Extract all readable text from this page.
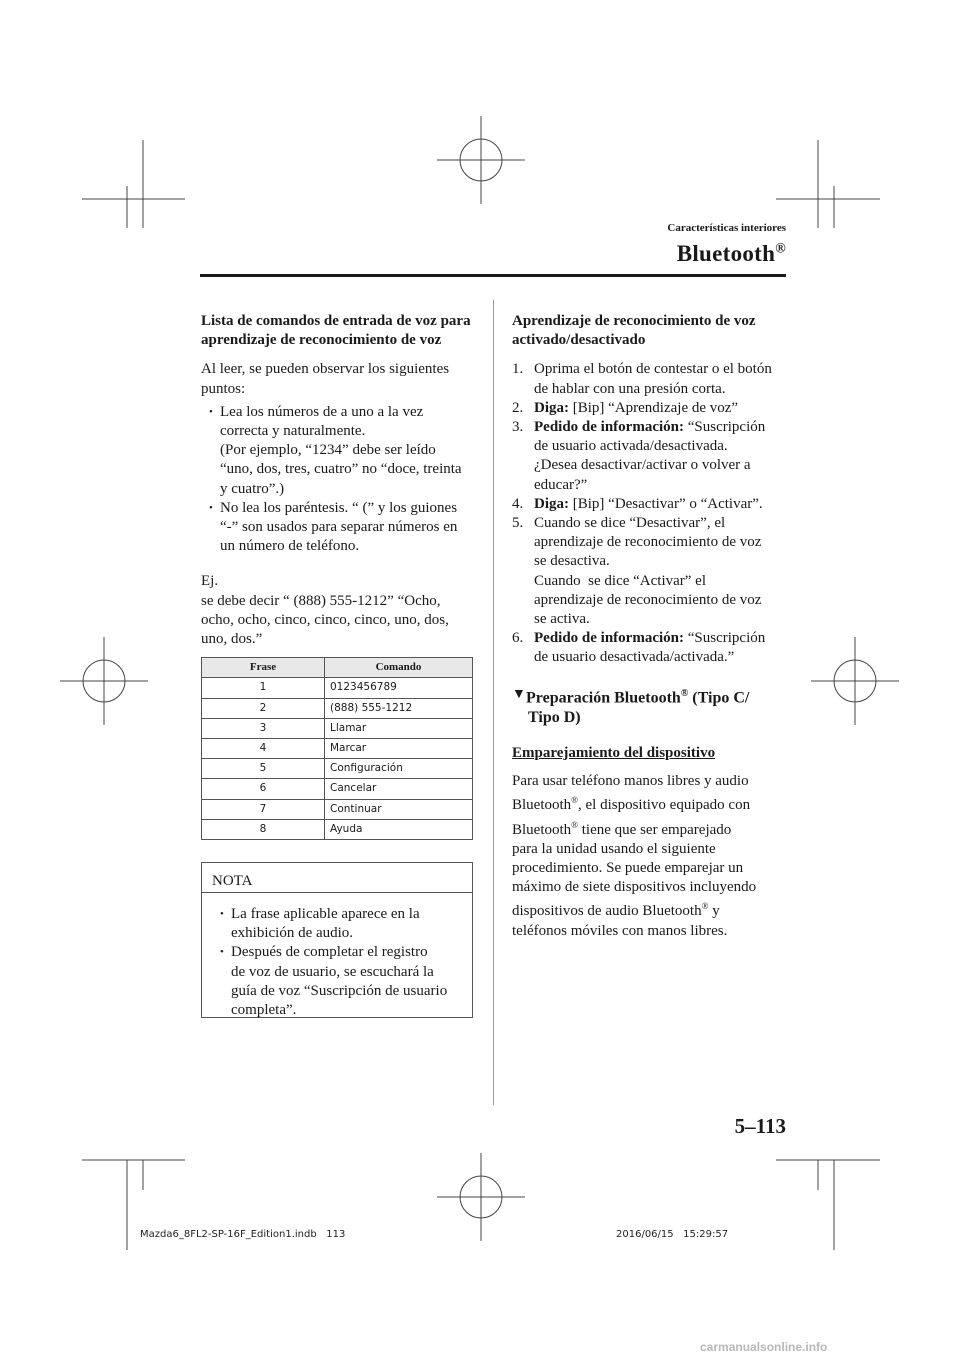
Características interiores
Bluetooth®

Lista de comandos de entrada de voz para aprendizaje de reconocimiento de voz

Al leer, se pueden observar los siguientes puntos:

• Lea los números de a uno a la vez
correcta y naturalmente.
(Por ejemplo, “1234” debe ser leído
“uno, dos, tres, cuatro” no “doce, treinta
y cuatro”.)
• No lea los paréntesis. “ (” y los guiones
“-” son usados para separar números en
un número de teléfono.

Ej.

se debe decir “ (888) 555-1212” “Ocho, ocho, ocho, cinco, cinco, cinco, uno, dos, uno, dos.”

Frase	Comando
1	0123456789
2	(888) 555-1212
3	Llamar
4	Marcar
5	Configuración
6	Cancelar
7	Continuar
8	Ayuda
NOTA
• La frase aplicable aparece en la
exhibición de audio.
• Después de completar el registro
de voz de usuario, se escuchará la
guía de voz “Suscripción de usuario
completa”.

Aprendizaje de reconocimiento de voz activado/desactivado

1. Oprima el botón de contestar o el botón
de hablar con una presión corta.
2. Diga: [Bip] “Aprendizaje de voz”
3. Pedido de información: “Suscripción
de usuario activada/desactivada.
¿Desea desactivar/activar o volver a
educar?”
4. Diga: [Bip] “Desactivar” o “Activar”.
5. Cuando se dice “Desactivar”, el
aprendizaje de reconocimiento de voz
se desactiva.
Cuando  se dice “Activar” el
aprendizaje de reconocimiento de voz
se activa.
6. Pedido de información: “Suscripción
de usuario desactivada/activada.”
▼ Preparación Bluetooth® (Tipo C/
Tipo D)

Emparejamiento del dispositivo

Para usar teléfono manos libres y audio
Bluetooth®, el dispositivo equipado con
Bluetooth® tiene que ser emparejado
para la unidad usando el siguiente
procedimiento. Se puede emparejar un
máximo de siete dispositivos incluyendo
dispositivos de audio Bluetooth® y
teléfonos móviles con manos libres.
5–113
Mazda6_8FL2-SP-16F_Edition1.indb   113	2016/06/15   15:29:57
carmanualsonline.info
